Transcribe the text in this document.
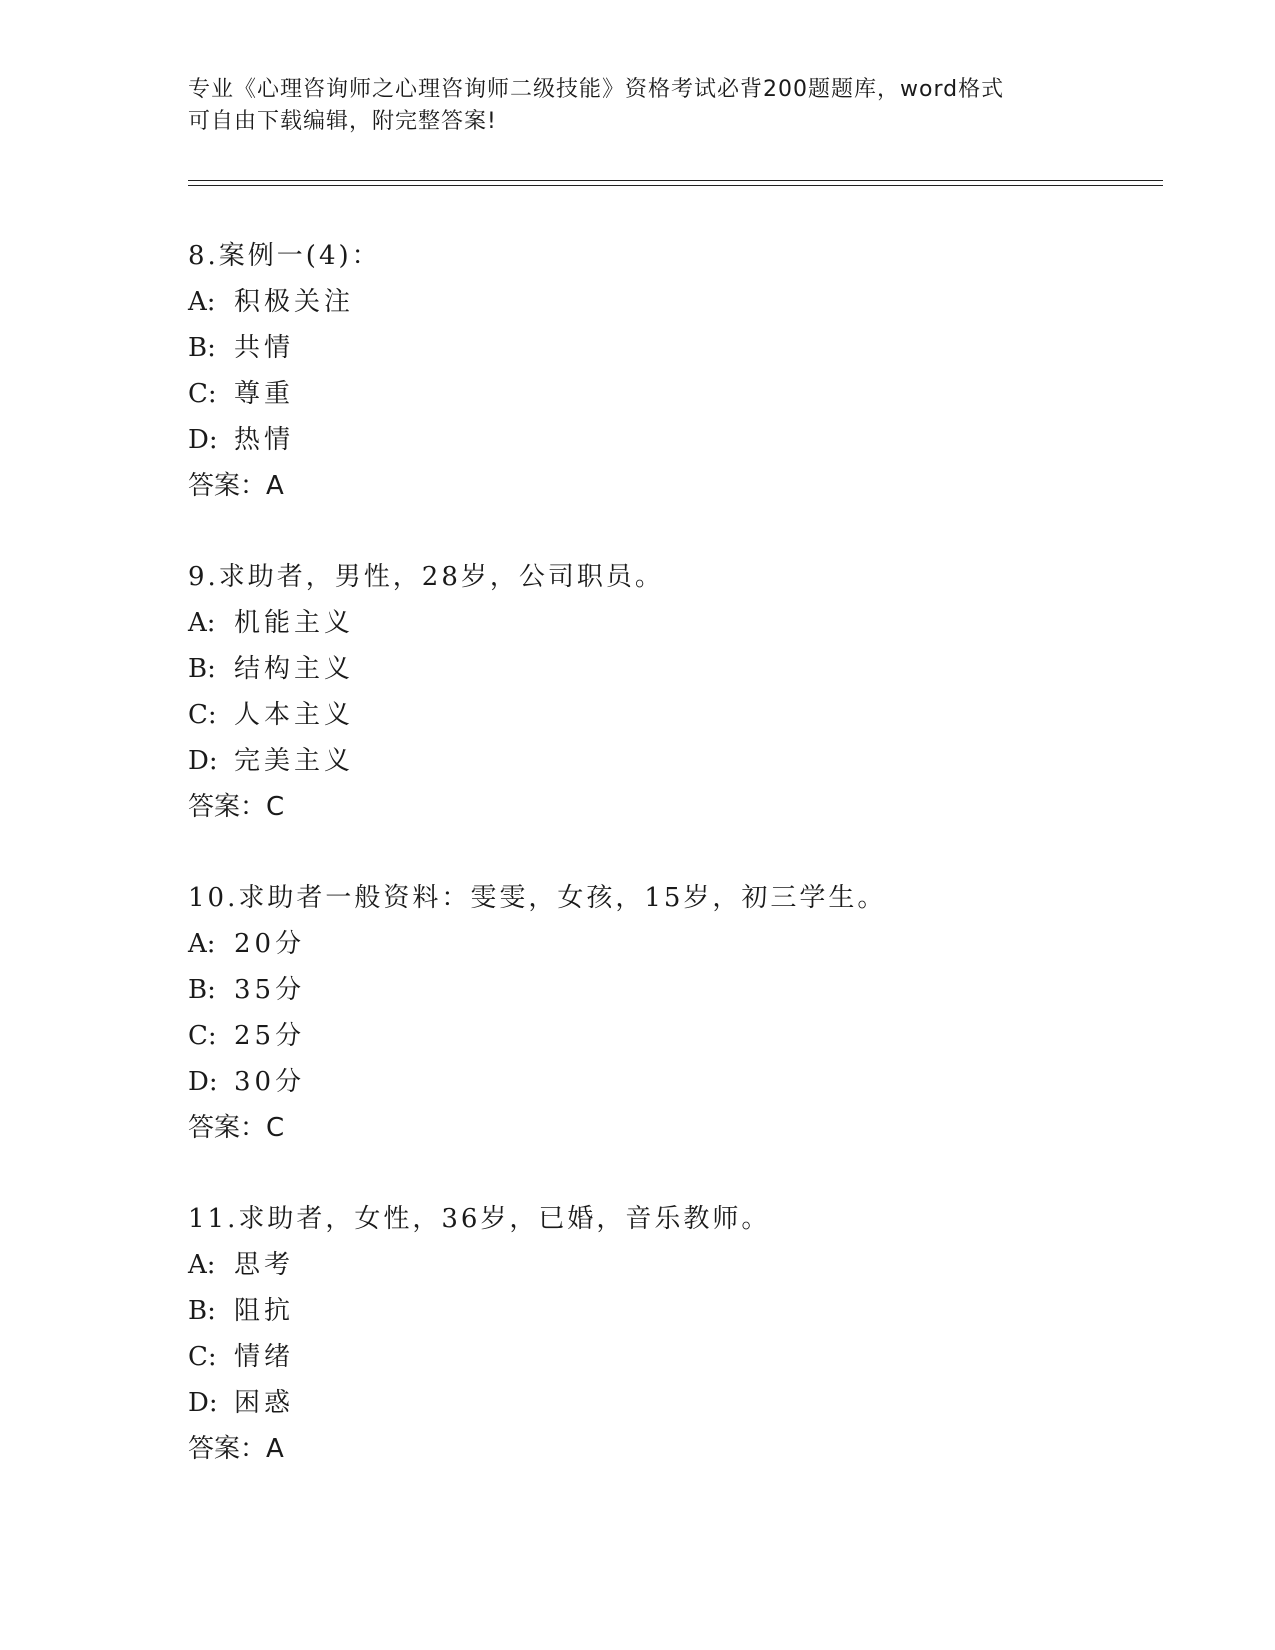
专业《心理咨询师之心理咨询师二级技能》资格考试必背200题题库，word格式
可自由下载编辑，附完整答案!
8.案例一(4)：
A: 积极关注
B: 共情
C: 尊重
D: 热情
答案：A
9.求助者，男性，28岁，公司职员。
A: 机能主义
B: 结构主义
C: 人本主义
D: 完美主义
答案：C
10.求助者一般资料：雯雯，女孩，15岁，初三学生。
A: 20分
B: 35分
C: 25分
D: 30分
答案：C
11.求助者，女性，36岁，已婚，音乐教师。
A: 思考
B: 阻抗
C: 情绪
D: 困惑
答案：A
